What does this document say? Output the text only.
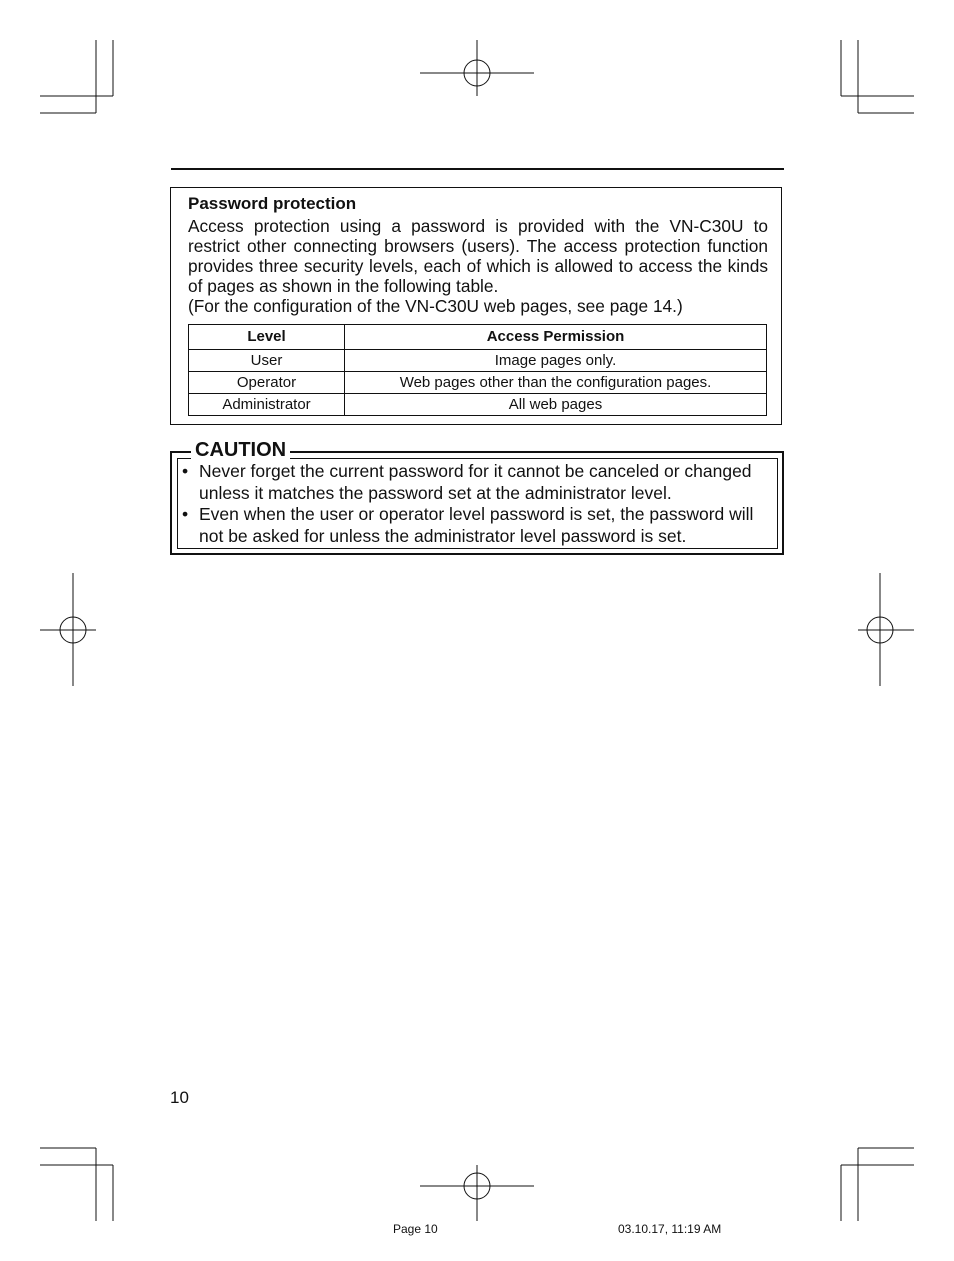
Password protection

Access protection using a password is provided with the VN-C30U to restrict other connecting browsers (users). The access protection function provides three security levels, each of which is allowed to access the kinds of pages as shown in the following table.

(For the configuration of the VN-C30U web pages, see page 14.)

Level	Access Permission
User	Image pages only.
Operator	Web pages other than the configuration pages.
Administrator	All web pages
CAUTION
• Never forget the current password for it cannot be canceled or changed unless it matches the password set at the administrator level.
• Even when the user or operator level password is set, the password will not be asked for unless the administrator level password is set.
10
Page 10	03.10.17, 11:19 AM
